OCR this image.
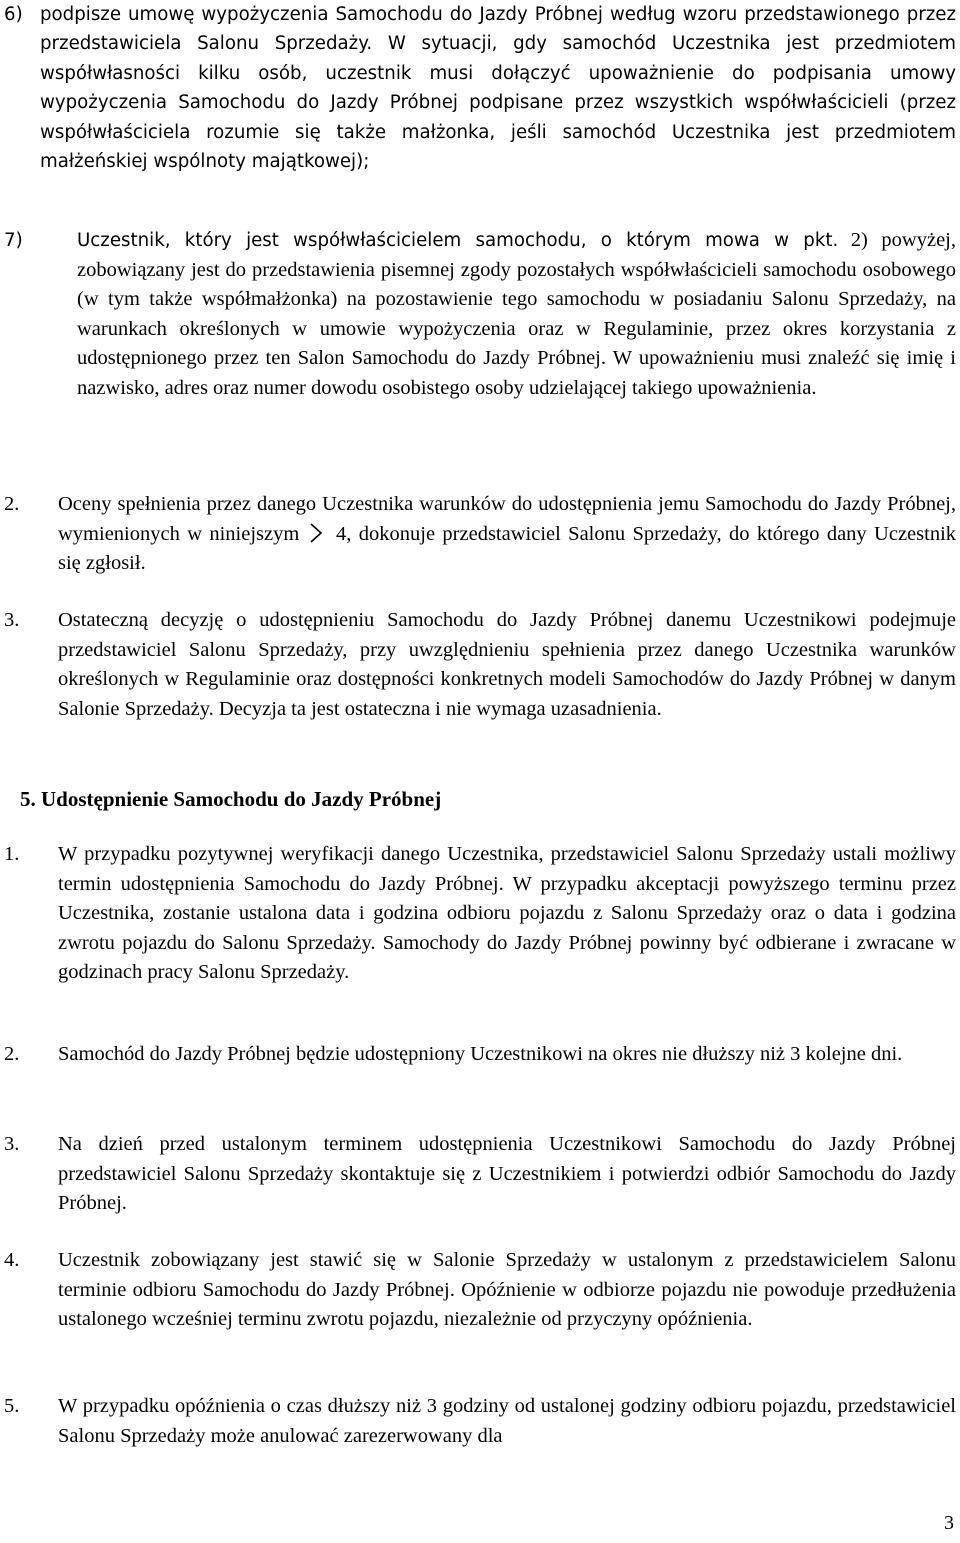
6) podpisze umowę wypożyczenia Samochodu do Jazdy Próbnej według wzoru przedstawionego przez przedstawiciela Salonu Sprzedaży. W sytuacji, gdy samochód Uczestnika jest przedmiotem współwłasności kilku osób, uczestnik musi dołączyć upoważnienie do podpisania umowy wypożyczenia Samochodu do Jazdy Próbnej podpisane przez wszystkich współwłaścicieli (przez współwłaściciela rozumie się także małżonka, jeśli samochód Uczestnika jest przedmiotem małżeńskiej wspólnoty majątkowej);
7)	Uczestnik, który jest współwłaścicielem samochodu, o którym mowa w pkt. 2) powyżej, zobowiązany jest do przedstawienia pisemnej zgody pozostałych współwłaścicieli samochodu osobowego (w tym także współmałżonka) na pozostawienie tego samochodu w posiadaniu Salonu Sprzedaży, na warunkach określonych w umowie wypożyczenia oraz w Regulaminie, przez okres korzystania z udostępnionego przez ten Salon Samochodu do Jazdy Próbnej. W upoważnieniu musi znaleźć się imię i nazwisko, adres oraz numer dowodu osobistego osoby udzielającej takiego upoważnienia.
2. Oceny spełnienia przez danego Uczestnika warunków do udostępnienia jemu Samochodu do Jazdy Próbnej, wymienionych w niniejszym 4, dokonuje przedstawiciel Salonu Sprzedaży, do którego dany Uczestnik się zgłosił.
3. Ostateczną decyzję o udostępnieniu Samochodu do Jazdy Próbnej danemu Uczestnikowi podejmuje przedstawiciel Salonu Sprzedaży, przy uwzględnieniu spełnienia przez danego Uczestnika warunków określonych w Regulaminie oraz dostępności konkretnych modeli Samochodów do Jazdy Próbnej w danym Salonie Sprzedaży. Decyzja ta jest ostateczna i nie wymaga uzasadnienia.
5. Udostępnienie Samochodu do Jazdy Próbnej
1. W przypadku pozytywnej weryfikacji danego Uczestnika, przedstawiciel Salonu Sprzedaży ustali możliwy termin udostępnienia Samochodu do Jazdy Próbnej. W przypadku akceptacji powyższego terminu przez Uczestnika, zostanie ustalona data i godzina odbioru pojazdu z Salonu Sprzedaży oraz o data i godzina zwrotu pojazdu do Salonu Sprzedaży. Samochody do Jazdy Próbnej powinny być odbierane i zwracane w godzinach pracy Salonu Sprzedaży.
2. Samochód do Jazdy Próbnej będzie udostępniony Uczestnikowi na okres nie dłuższy niż 3 kolejne dni.
3. Na dzień przed ustalonym terminem udostępnienia Uczestnikowi Samochodu do Jazdy Próbnej przedstawiciel Salonu Sprzedaży skontaktuje się z Uczestnikiem i potwierdzi odbiór Samochodu do Jazdy Próbnej.
4. Uczestnik zobowiązany jest stawić się w Salonie Sprzedaży w ustalonym z przedstawicielem Salonu terminie odbioru Samochodu do Jazdy Próbnej. Opóźnienie w odbiorze pojazdu nie powoduje przedłużenia ustalonego wcześniej terminu zwrotu pojazdu, niezależnie od przyczyny opóźnienia.
5. W przypadku opóźnienia o czas dłuższy niż 3 godziny od ustalonej godziny odbioru pojazdu, przedstawiciel Salonu Sprzedaży może anulować zarezerwowany dla
3
